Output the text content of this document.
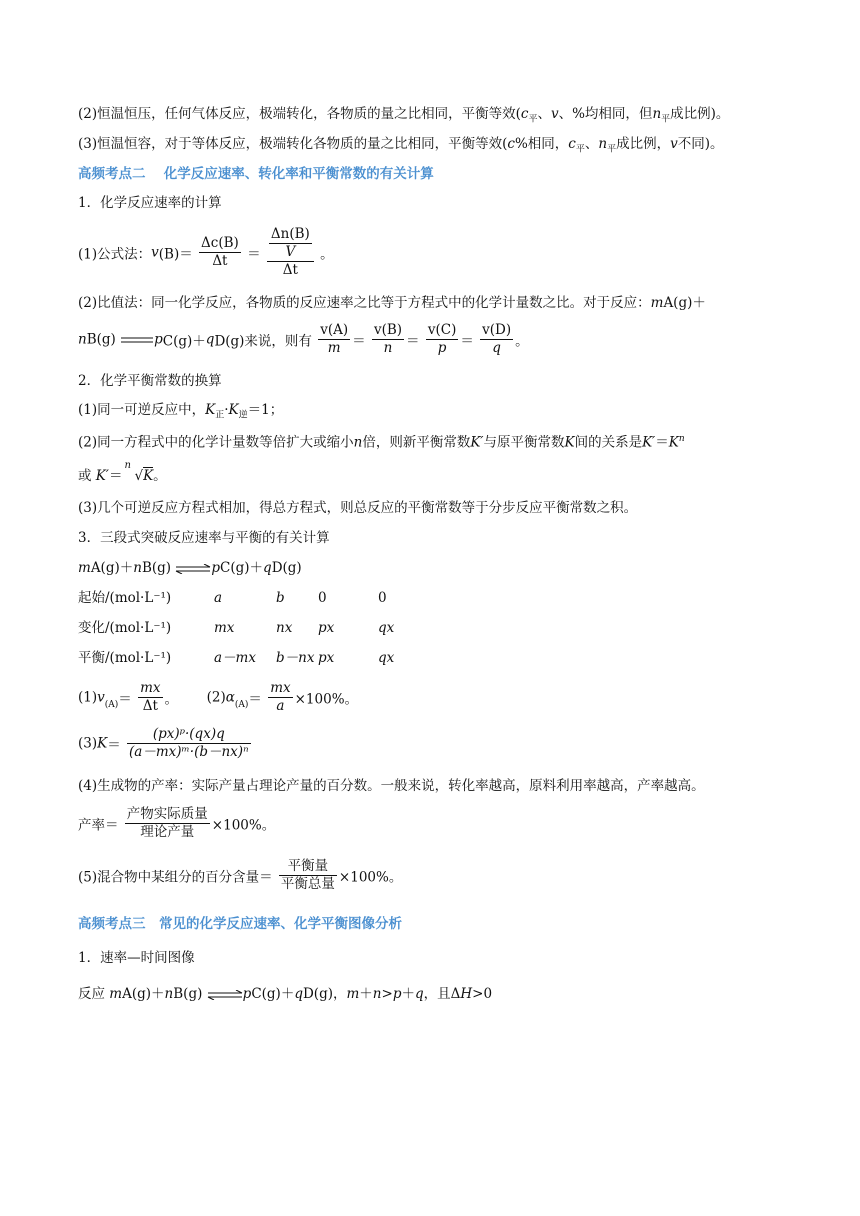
(2)恒温恒压，任何气体反应，极端转化，各物质的量之比相同，平衡等效($c_平$、v、%均相同，但$n_平$成比例)。
(3)恒温恒容，对于等体反应，极端转化各物质的量之比相同，平衡等效(c%相同，$c_平$、$n_平$成比例，v不同)。
高频考点二　 化学反应速率、转化率和平衡常数的有关计算
1．化学反应速率的计算
(1)公式法：$v(B)= \frac{\Delta c(B)}{\Delta t} = \frac{\frac{\Delta n(B)}{V}}{\Delta t}$ 。
(2)比值法：同一化学反应，各物质的反应速率之比等于方程式中的化学计量数之比。对于反应：mA(g)＋
nB(g)	pC(g)＋qD(g)来说，则有 $\frac{v(A)}{m} = \frac{v(B)}{n} = \frac{v(C)}{p} = \frac{v(D)}{q}$ 。
2．化学平衡常数的换算
(1)同一可逆反应中，$K_正\cdot K_逆=1$；
(2)同一方程式中的化学计量数等倍扩大或缩小n倍，则新平衡常数K′与原平衡常数K间的关系是$K'=K^n$
或 K′＝
n
√K。
(3)几个可逆反应方程式相加，得总方程式，则总反应的平衡常数等于分步反应平衡常数之积。
3．三段式突破反应速率与平衡的有关计算
mA(g)＋nB(g) ⇌pC(g)＋qD(g)
起始/(mol·L⁻¹)	a	b 0	0
变化/(mol·L⁻¹)	mx	nx px	qx
平衡/(mol·L⁻¹)	a－mx b－nx px	qx
$(1)v_{(A)}= \frac{mx}{\Delta t}$ 。 $(2)\alpha_{(A)}= \frac{mx}{a} \times 100\%$。
$(3)K= \frac{\text{(px)ᵖ·(qx)q}}{\text{(a－mx)ᵐ·(b－nx)ⁿ}}$
(4)生成物的产率：实际产量占理论产量的百分数。一般来说，转化率越高，原料利用率越高，产率越高。
产率＝ $\frac{\text{产物实际质量}}{\text{理论产量}} \times 100\%$。
(5)混合物中某组分的百分含量＝ $\frac{\text{平衡量}}{\text{平衡总量}} \times 100\%$。
高频考点三　常见的化学反应速率、化学平衡图像分析
1．速率—时间图像
反应 mA(g)＋nB(g) ⇌pC(g)＋qD(g)，m＋n>p＋q，且ΔH>0
